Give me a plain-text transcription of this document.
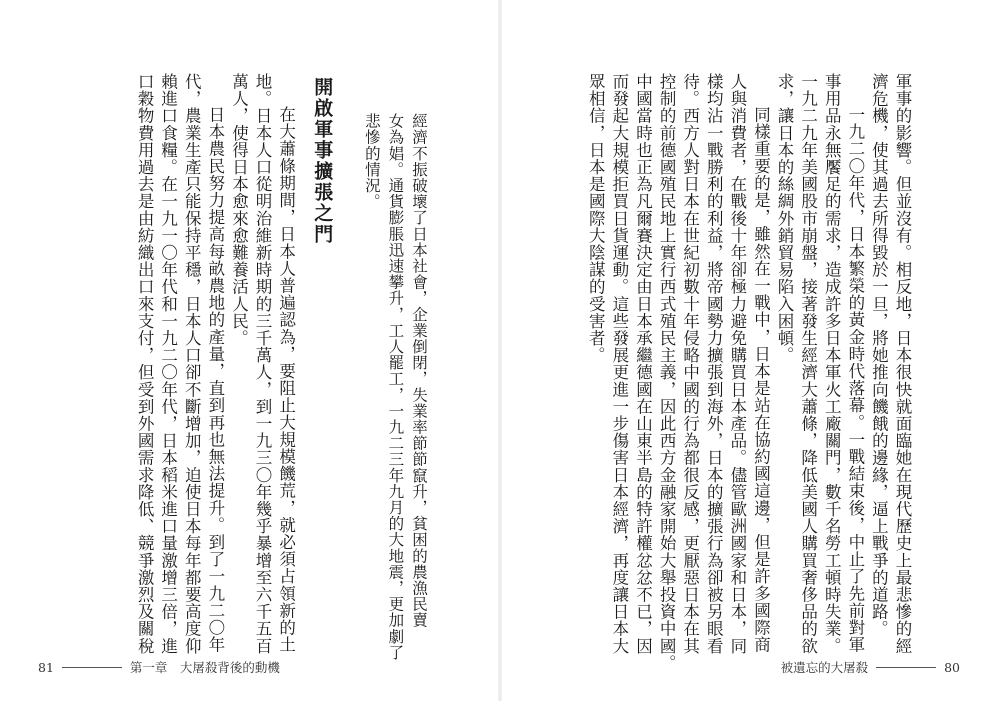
經濟不振破壞了日本社會，企業倒閉，失業率節節竄升，貧困的農漁民賣
女為娼。通貨膨脹迅速攀升，工人罷工，一九二三年九月的大地震，更加劇了
悲慘的情況。
開啟軍事擴張之門
在大蕭條期間，日本人普遍認為，要阻止大規模饑荒，就必須占領新的土
地。日本人口從明治維新時期的三千萬人，到一九三〇年幾乎暴增至六千五百
萬人，使得日本愈來愈難養活人民。
日本農民努力提高每畝農地的產量，直到再也無法提升。到了一九二〇年
代，農業生產只能保持平穩，日本人口卻不斷增加，迫使日本每年都要高度仰
賴進口食糧。在一九一〇年代和一九二〇年代，日本稻米進口量激增三倍，進
口穀物費用過去是由紡織出口來支付，但受到外國需求降低、競爭激烈及關稅
81	第一章　大屠殺背後的動機
軍事的影響。但並沒有。相反地，日本很快就面臨她在現代歷史上最悲慘的經
濟危機，使其過去所得毀於一旦，將她推向饑餓的邊緣，逼上戰爭的道路。
一九二〇年代，日本繁榮的黃金時代落幕。一戰結束後，中止了先前對軍
事用品永無饜足的需求，造成許多日本軍火工廠關門，數千名勞工頓時失業。
一九二九年美國股市崩盤，接著發生經濟大蕭條，降低美國人購買奢侈品的欲
求，讓日本的絲綢外銷貿易陷入困頓。
同樣重要的是，雖然在一戰中，日本是站在協約國這邊，但是許多國際商
人與消費者，在戰後十年卻極力避免購買日本產品。儘管歐洲國家和日本，同
樣均沾一戰勝利的利益，將帝國勢力擴張到海外，日本的擴張行為卻被另眼看
待。西方人對日本在世紀初數十年侵略中國的行為都很反感，更厭惡日本在其
控制的前德國殖民地上實行西式殖民主義，因此西方金融家開始大舉投資中國。
中國當時也正為凡爾賽決定由日本承繼德國在山東半島的特許權忿忿不已，因
而發起大規模拒買日貨運動。這些發展更進一步傷害日本經濟，再度讓日本大
眾相信，日本是國際大陰謀的受害者。
被遺忘的大屠殺	80
